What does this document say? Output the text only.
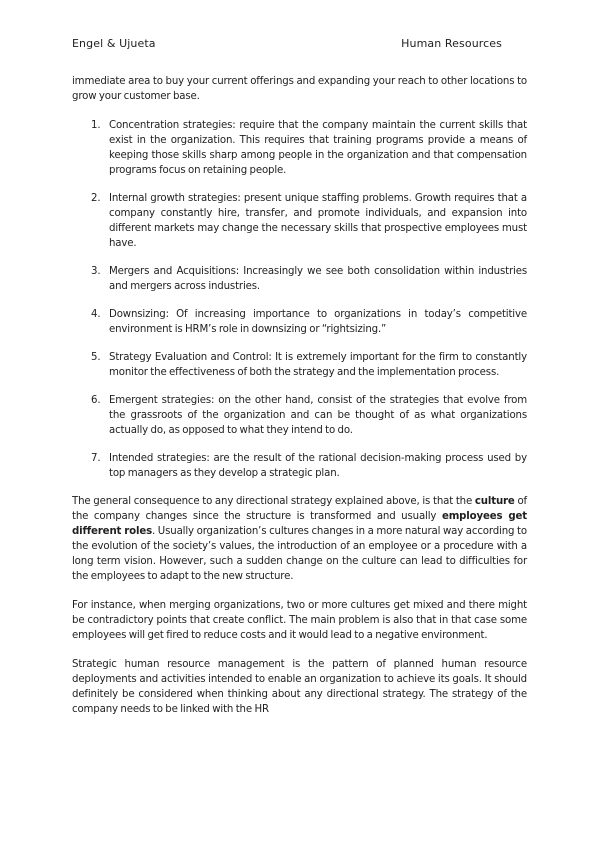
Engel & Ujueta	Human Resources

immediate area to buy your current offerings and expanding your reach to other locations to grow your customer base.

1. Concentration strategies: require that the company maintain the current skills that exist in the organization. This requires that training programs provide a means of keeping those skills sharp among people in the organization and that compensation programs focus on retaining people.
2. Internal growth strategies: present unique staffing problems. Growth requires that a company constantly hire, transfer, and promote individuals, and expansion into different markets may change the necessary skills that prospective employees must have.
3. Mergers and Acquisitions: Increasingly we see both consolidation within industries and mergers across industries.
4. Downsizing: Of increasing importance to organizations in today’s competitive environment is HRM’s role in downsizing or “rightsizing.”
5. Strategy Evaluation and Control: It is extremely important for the firm to constantly monitor the effectiveness of both the strategy and the implementation process.
6. Emergent strategies: on the other hand, consist of the strategies that evolve from the grassroots of the organization and can be thought of as what organizations actually do, as opposed to what they intend to do.
7. Intended strategies: are the result of the rational decision-making process used by top managers as they develop a strategic plan.

The general consequence to any directional strategy explained above, is that the culture of the company changes since the structure is transformed and usually employees get different roles. Usually organization’s cultures changes in a more natural way according to the evolution of the society’s values, the introduction of an employee or a procedure with a long term vision. However, such a sudden change on the culture can lead to difficulties for the employees to adapt to the new structure.

For instance, when merging organizations, two or more cultures get mixed and there might be contradictory points that create conflict. The main problem is also that in that case some employees will get fired to reduce costs and it would lead to a negative environment.

Strategic human resource management is the pattern of planned human resource deployments and activities intended to enable an organization to achieve its goals. It should definitely be considered when thinking about any directional strategy. The strategy of the company needs to be linked with the HR
